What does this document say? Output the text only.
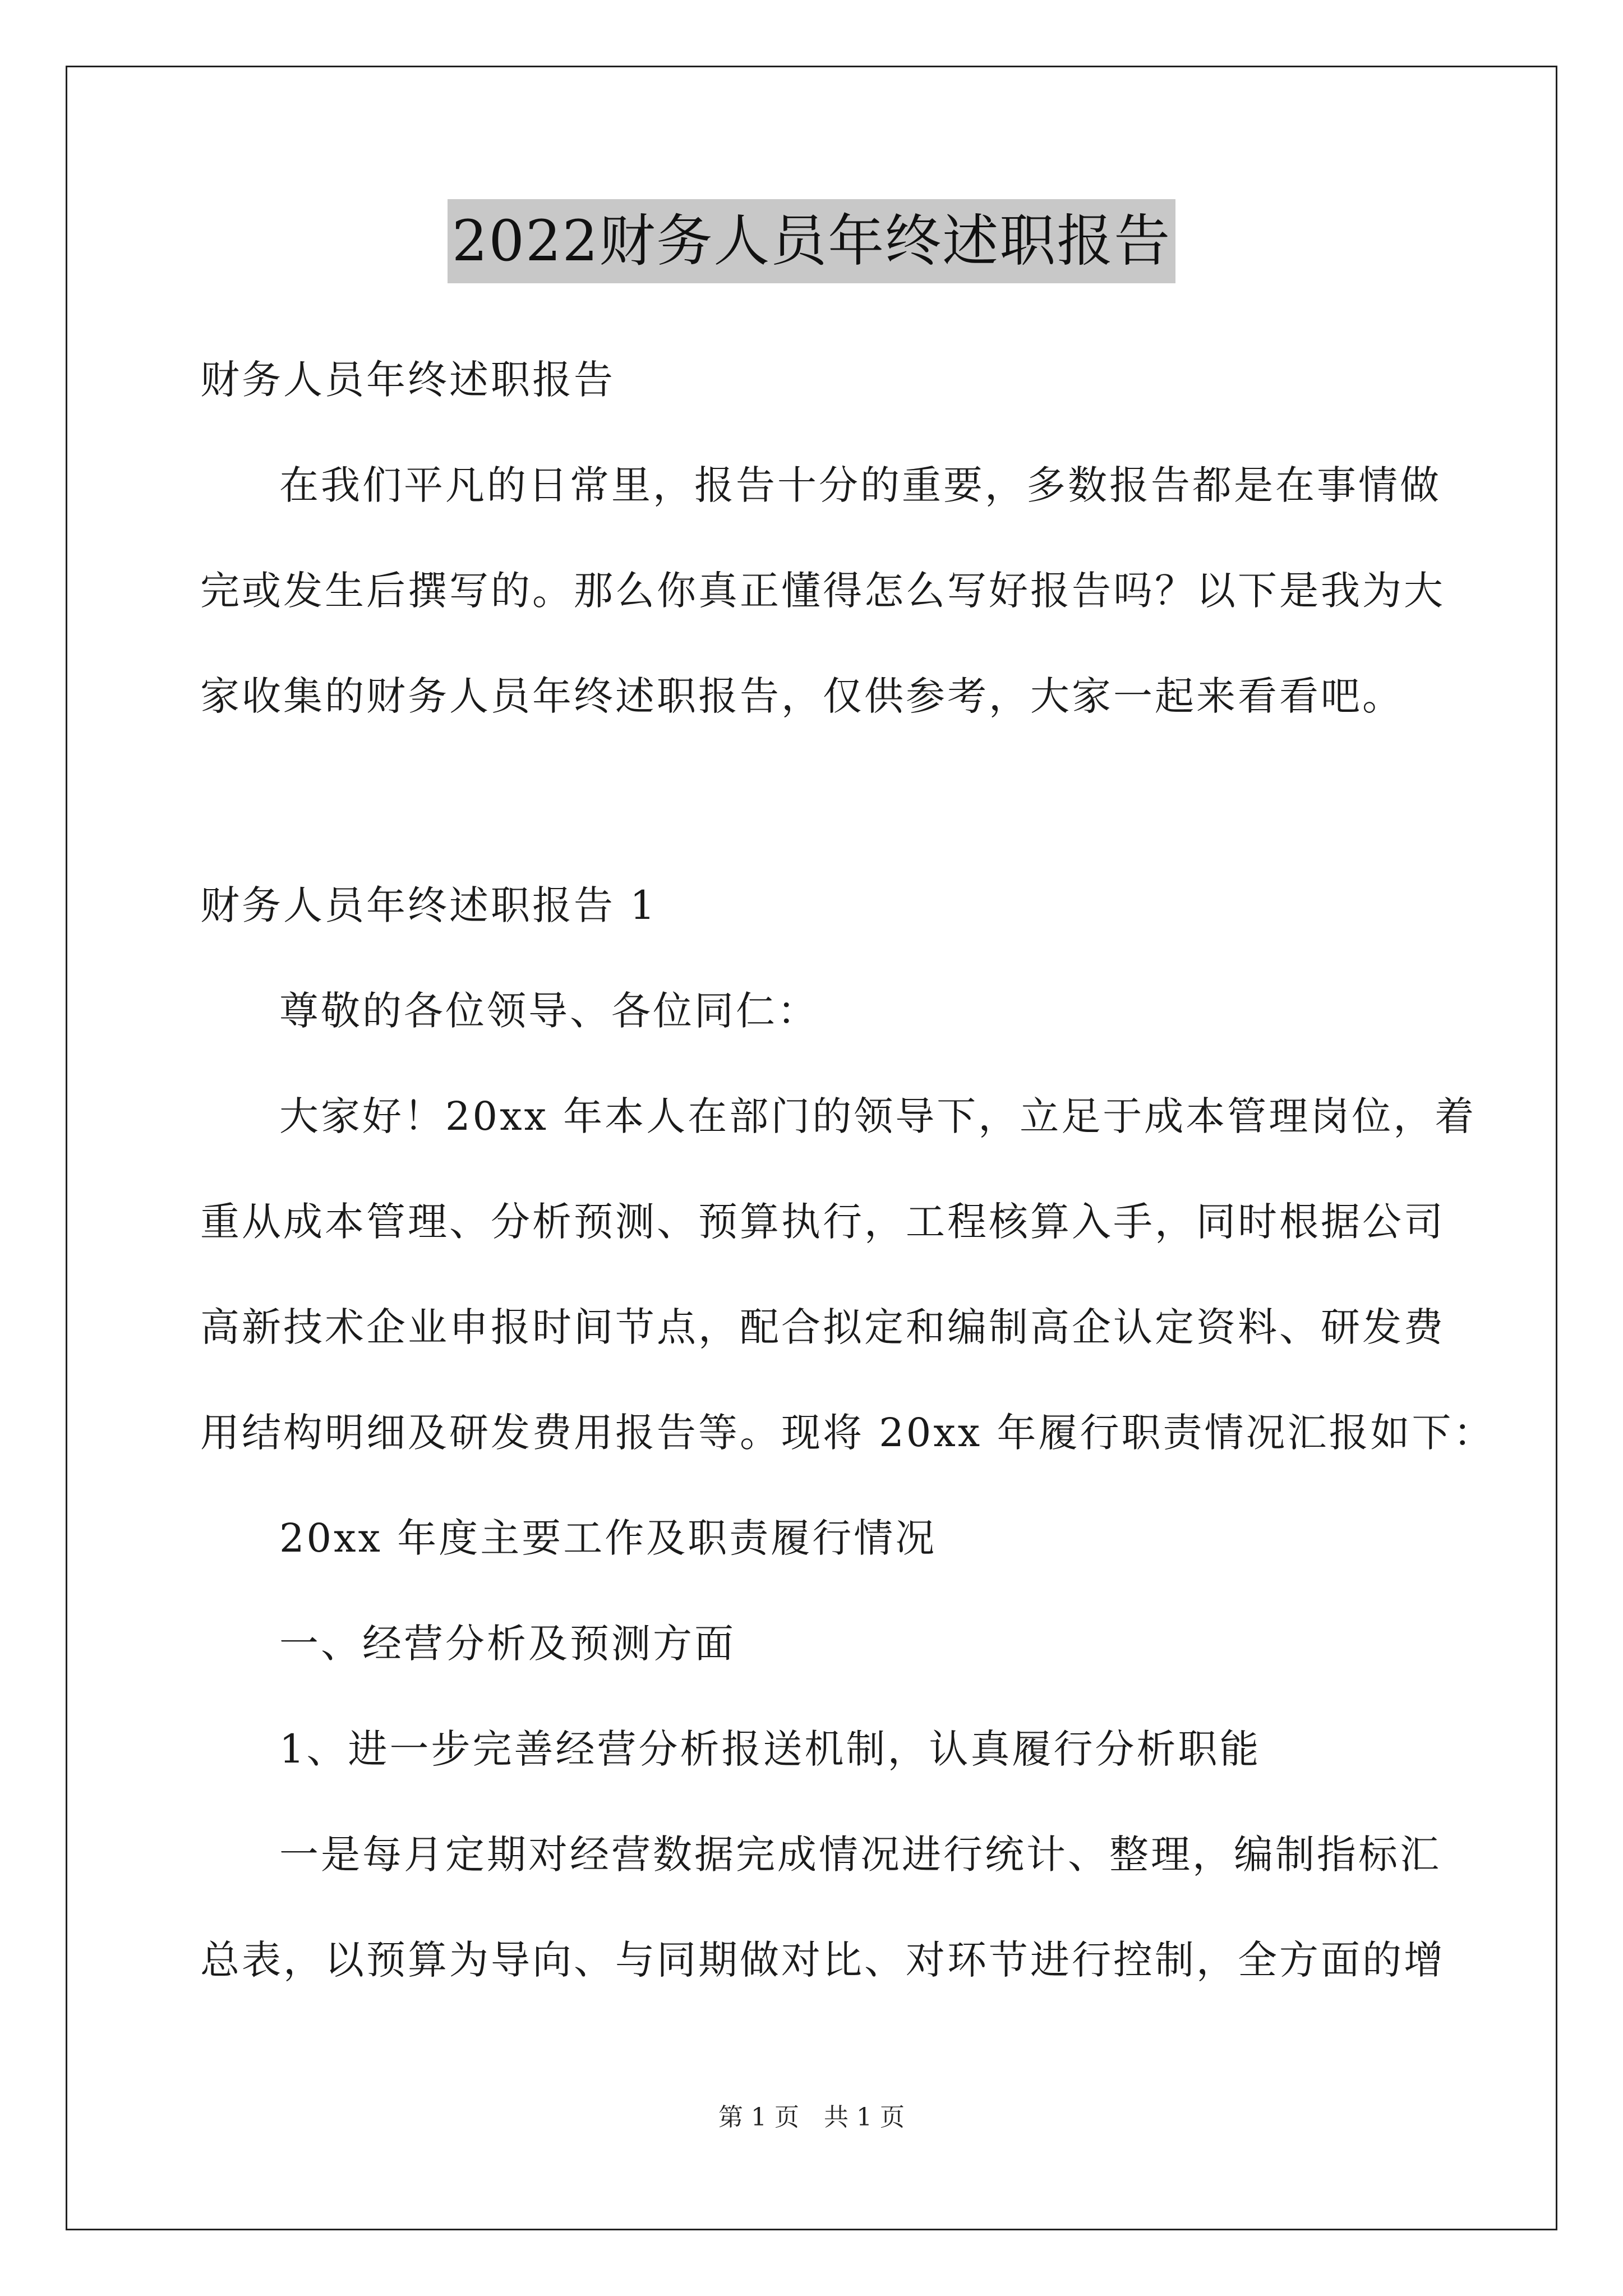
2022财务人员年终述职报告
财务人员年终述职报告
在我们平凡的日常里，报告十分的重要，多数报告都是在事情做
完或发生后撰写的。那么你真正懂得怎么写好报告吗？以下是我为大
家收集的财务人员年终述职报告，仅供参考，大家一起来看看吧。
财务人员年终述职报告 1
尊敬的各位领导、各位同仁：
大家好！20xx 年本人在部门的领导下，立足于成本管理岗位，着
重从成本管理、分析预测、预算执行，工程核算入手，同时根据公司
高新技术企业申报时间节点，配合拟定和编制高企认定资料、研发费
用结构明细及研发费用报告等。现将 20xx 年履行职责情况汇报如下：
20xx 年度主要工作及职责履行情况
一、经营分析及预测方面
1、进一步完善经营分析报送机制，认真履行分析职能
一是每月定期对经营数据完成情况进行统计、整理，编制指标汇
总表，以预算为导向、与同期做对比、对环节进行控制，全方面的增
第 1 页　共 1 页
